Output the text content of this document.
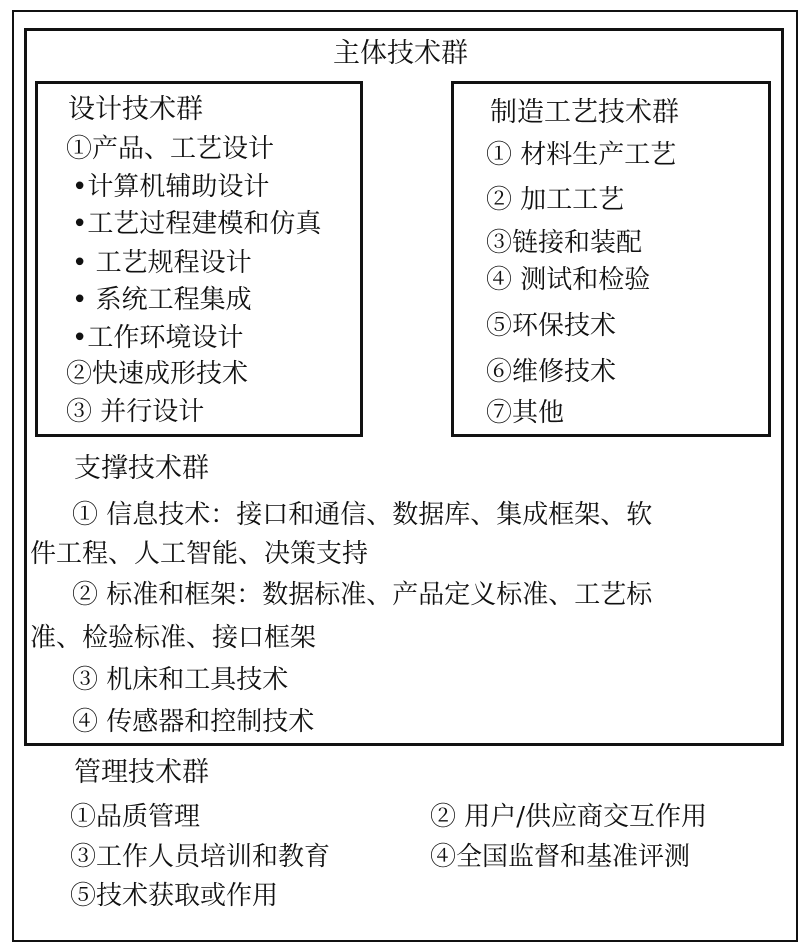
主体技术群
设计技术群
①产品、工艺设计
•计算机辅助设计
•工艺过程建模和仿真
• 工艺规程设计
• 系统工程集成
•工作环境设计
②快速成形技术
③ 并行设计
制造工艺技术群
① 材料生产工艺
② 加工工艺
③链接和装配
④ 测试和检验
⑤环保技术
⑥维修技术
⑦其他
支撑技术群
① 信息技术：接口和通信、数据库、集成框架、软
件工程、人工智能、决策支持
② 标准和框架：数据标准、产品定义标准、工艺标
准、检验标准、接口框架
③ 机床和工具技术
④ 传感器和控制技术
管理技术群
①品质管理	② 用户/供应商交互作用
③工作人员培训和教育	④全国监督和基准评测
⑤技术获取或作用
